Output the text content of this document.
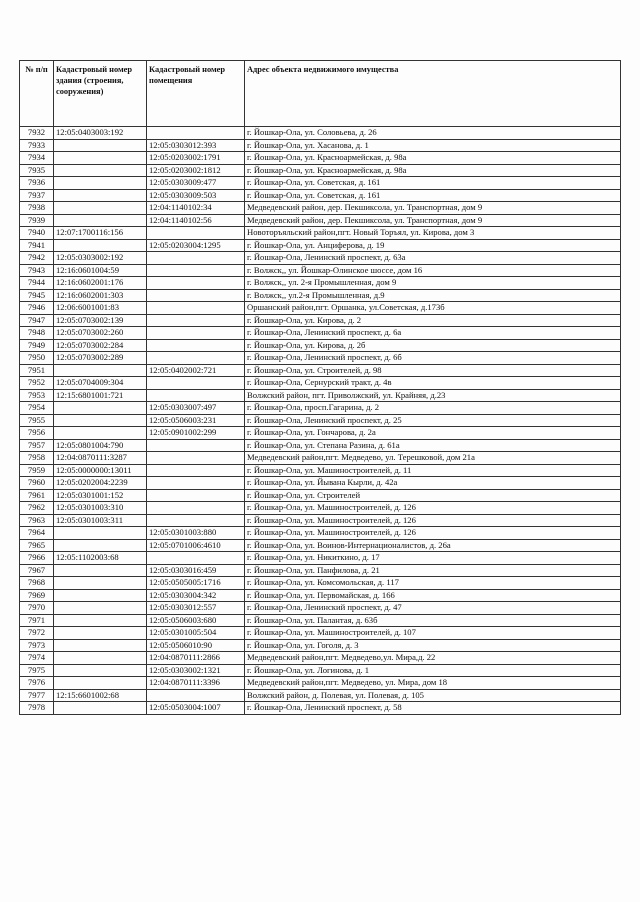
№ п/п	Кадастровый номер здания (строения, сооружения)	Кадастровый номер помещения	Адрес объекта недвижимого имущества
7932	12:05:0403003:192		г. Йошкар-Ола, ул. Соловьева, д. 26
7933		12:05:0303012:393	г. Йошкар-Ола, ул. Хасанова, д. 1
7934		12:05:0203002:1791	г. Йошкар-Ола, ул. Красноармейская, д. 98а
7935		12:05:0203002:1812	г. Йошкар-Ола, ул. Красноармейская, д. 98а
7936		12:05:0303009:477	г. Йошкар-Ола, ул. Советская, д. 161
7937		12:05:0303009:503	г. Йошкар-Ола, ул. Советская, д. 161
7938		12:04:1140102:34	Медведевский район, дер. Пекшиксола, ул. Транспортная, дом 9
7939		12:04:1140102:56	Медведевский район, дер. Пекшиксола, ул. Транспортная, дом 9
7940	12:07:1700116:156		Новоторъяльский район,пгт. Новый Торъял, ул. Кирова, дом 3
7941		12:05:0203004:1295	г. Йошкар-Ола, ул. Анциферова, д. 19
7942	12:05:0303002:192		г. Йошкар-Ола, Ленинский проспект, д. 63а
7943	12:16:0601004:59		г. Волжск,, ул. Йошкар-Олинское шоссе, дом 16
7944	12:16:0602001:176		г. Волжск,, ул. 2-я Промышленная, дом 9
7945	12:16:0602001:303		г. Волжск,, ул.2-я Промышленная, д.9
7946	12:06:6001001:83		Оршанский район,пгт. Оршанка, ул.Советская, д.173б
7947	12:05:0703002:139		г. Йошкар-Ола, ул. Кирова, д. 2
7948	12:05:0703002:260		г. Йошкар-Ола, Ленинский проспект, д. 6а
7949	12:05:0703002:284		г. Йошкар-Ола, ул. Кирова, д. 2б
7950	12:05:0703002:289		г. Йошкар-Ола, Ленинский проспект, д. 6б
7951		12:05:0402002:721	г. Йошкар-Ола, ул. Строителей, д. 98
7952	12:05:0704009:304		г. Йошкар-Ола, Сернурский тракт, д. 4в
7953	12:15:6801001:721		Волжский район, пгт. Приволжский, ул. Крайняя, д.23
7954		12:05:0303007:497	г. Йошкар-Ола, просп.Гагарина, д. 2
7955		12:05:0506003:231	г. Йошкар-Ола, Ленинский проспект, д. 25
7956		12:05:0901002:299	г. Йошкар-Ола, ул. Гончарова, д. 2а
7957	12:05:0801004:790		г. Йошкар-Ола, ул. Степана Разина, д. 61а
7958	12:04:0870111:3287		Медведевский район,пгт. Медведево, ул. Терешковой, дом 21а
7959	12:05:0000000:13011		г. Йошкар-Ола, ул. Машиностроителей, д. 11
7960	12:05:0202004:2239		г. Йошкар-Ола, ул. Йывана Кырли, д. 42а
7961	12:05:0301001:152		г. Йошкар-Ола, ул. Строителей
7962	12:05:0301003:310		г. Йошкар-Ола, ул. Машиностроителей, д. 126
7963	12:05:0301003:311		г. Йошкар-Ола, ул. Машиностроителей, д. 126
7964		12:05:0301003:880	г. Йошкар-Ола, ул. Машиностроителей, д. 126
7965		12:05:0701006:4610	г. Йошкар-Ола, ул. Воинов-Интернационалистов, д. 26а
7966	12:05:1102003:68		г. Йошкар-Ола, ул. Никиткино, д. 17
7967		12:05:0303016:459	г. Йошкар-Ола, ул. Панфилова, д. 21
7968		12:05:0505005:1716	г. Йошкар-Ола, ул. Комсомольская, д. 117
7969		12:05:0303004:342	г. Йошкар-Ола, ул. Первомайская, д. 166
7970		12:05:0303012:557	г. Йошкар-Ола, Ленинский проспект, д. 47
7971		12:05:0506003:680	г. Йошкар-Ола, ул. Палантая, д. 63б
7972		12:05:0301005:504	г. Йошкар-Ола, ул. Машиностроителей, д. 107
7973		12:05:0506010:90	г. Йошкар-Ола, ул. Гоголя, д. 3
7974		12:04:0870111:2866	Медведевский район,пгт. Медведево,ул. Мира,д. 22
7975		12:05:0303002:1321	г. Йошкар-Ола, ул. Логинова, д. 1
7976		12:04:0870111:3396	Медведевский район,пгт. Медведево, ул. Мира, дом 18
7977	12:15:6601002:68		Волжский район, д. Полевая, ул. Полевая, д. 105
7978		12:05:0503004:1007	г. Йошкар-Ола, Ленинский проспект, д. 58
